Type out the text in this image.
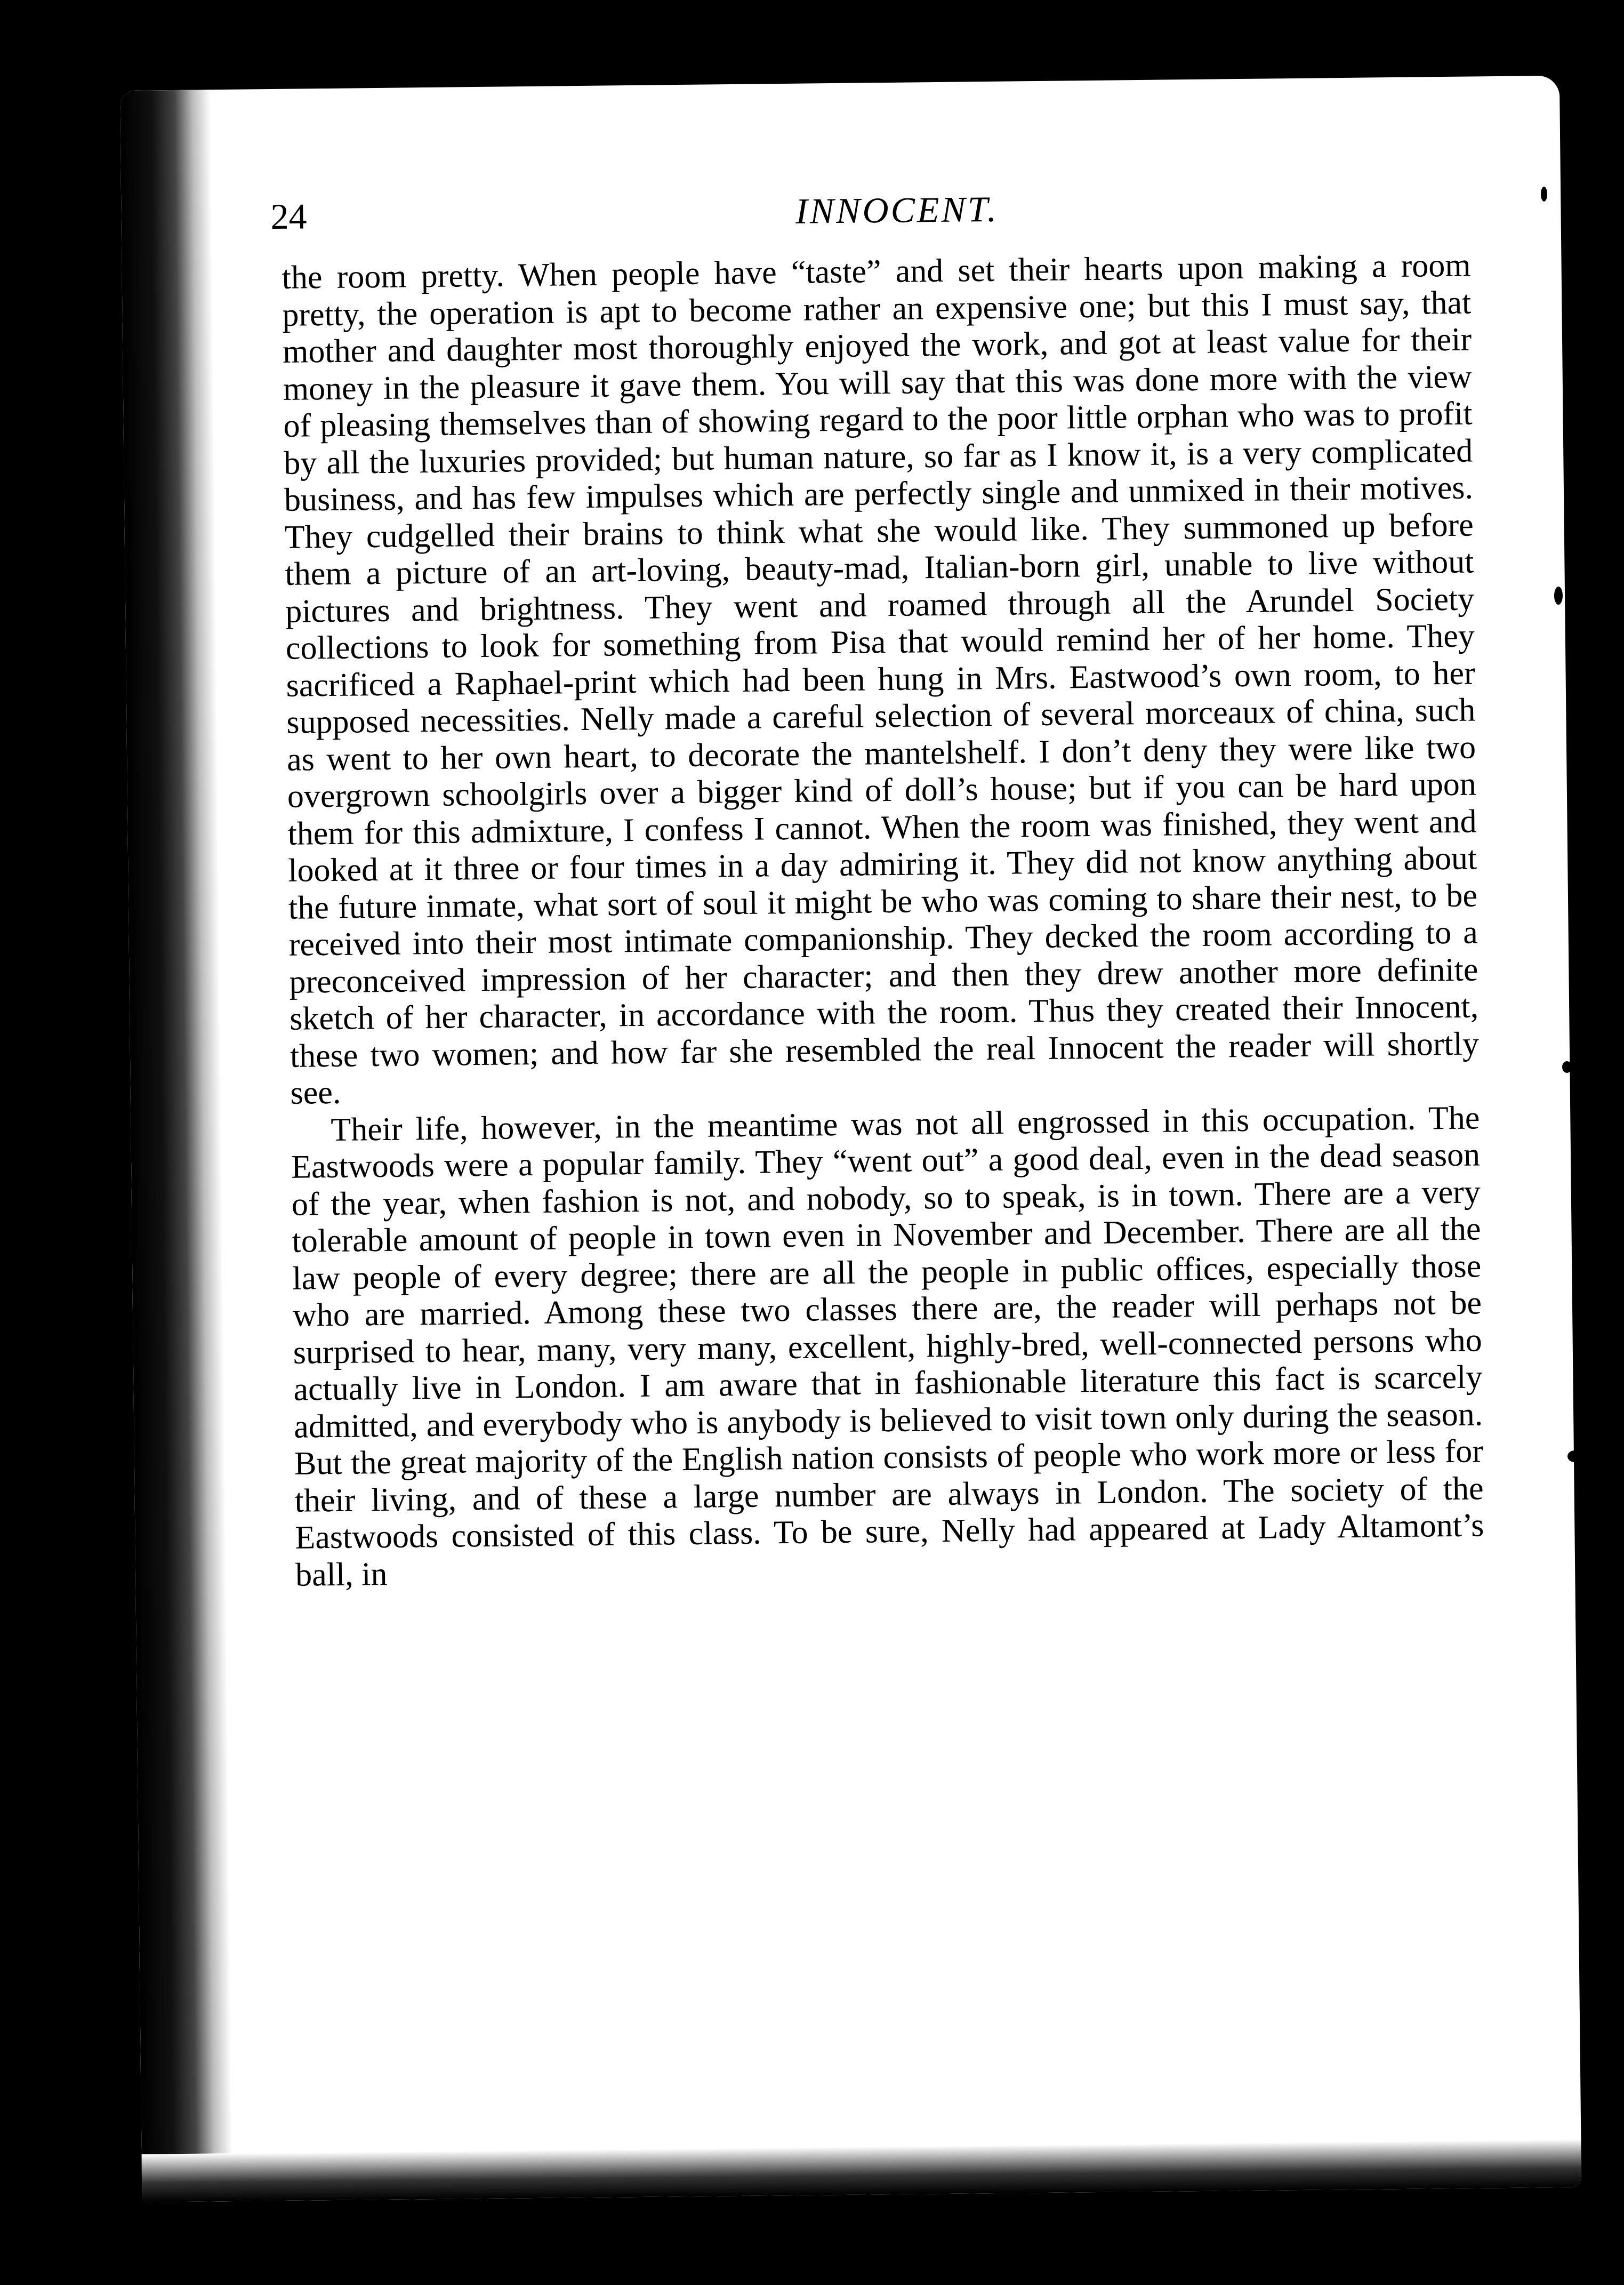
24	INNOCENT.

the room pretty. When people have “taste” and set their hearts upon making a room pretty, the operation is apt to become rather an expensive one; but this I must say, that mother and daughter most thoroughly enjoyed the work, and got at least value for their money in the pleasure it gave them. You will say that this was done more with the view of pleasing themselves than of showing regard to the poor little orphan who was to profit by all the luxuries provided; but human nature, so far as I know it, is a very complicated business, and has few impulses which are perfectly single and unmixed in their motives. They cudgelled their brains to think what she would like. They summoned up before them a picture of an art-loving, beauty-mad, Italian-born girl, unable to live without pictures and brightness. They went and roamed through all the Arundel Society collections to look for something from Pisa that would remind her of her home. They sacrificed a Raphael-print which had been hung in Mrs. Eastwood’s own room, to her supposed necessities. Nelly made a careful selection of several morceaux of china, such as went to her own heart, to decorate the mantelshelf. I don’t deny they were like two overgrown schoolgirls over a bigger kind of doll’s house; but if you can be hard upon them for this admixture, I confess I cannot. When the room was finished, they went and looked at it three or four times in a day admiring it. They did not know anything about the future inmate, what sort of soul it might be who was coming to share their nest, to be received into their most intimate companionship. They decked the room according to a preconceived impression of her character; and then they drew another more definite sketch of her character, in accordance with the room. Thus they created their Innocent, these two women; and how far she resembled the real Innocent the reader will shortly see.

Their life, however, in the meantime was not all engrossed in this occupation. The Eastwoods were a popular family. They “went out” a good deal, even in the dead season of the year, when fashion is not, and nobody, so to speak, is in town. There are a very tolerable amount of people in town even in November and December. There are all the law people of every degree; there are all the people in public offices, especially those who are married. Among these two classes there are, the reader will perhaps not be surprised to hear, many, very many, excellent, highly-bred, well-connected persons who actually live in London. I am aware that in fashionable literature this fact is scarcely admitted, and everybody who is anybody is believed to visit town only during the season. But the great majority of the English nation consists of people who work more or less for their living, and of these a large number are always in London. The society of the Eastwoods consisted of this class. To be sure, Nelly had appeared at Lady Altamont’s ball, in
